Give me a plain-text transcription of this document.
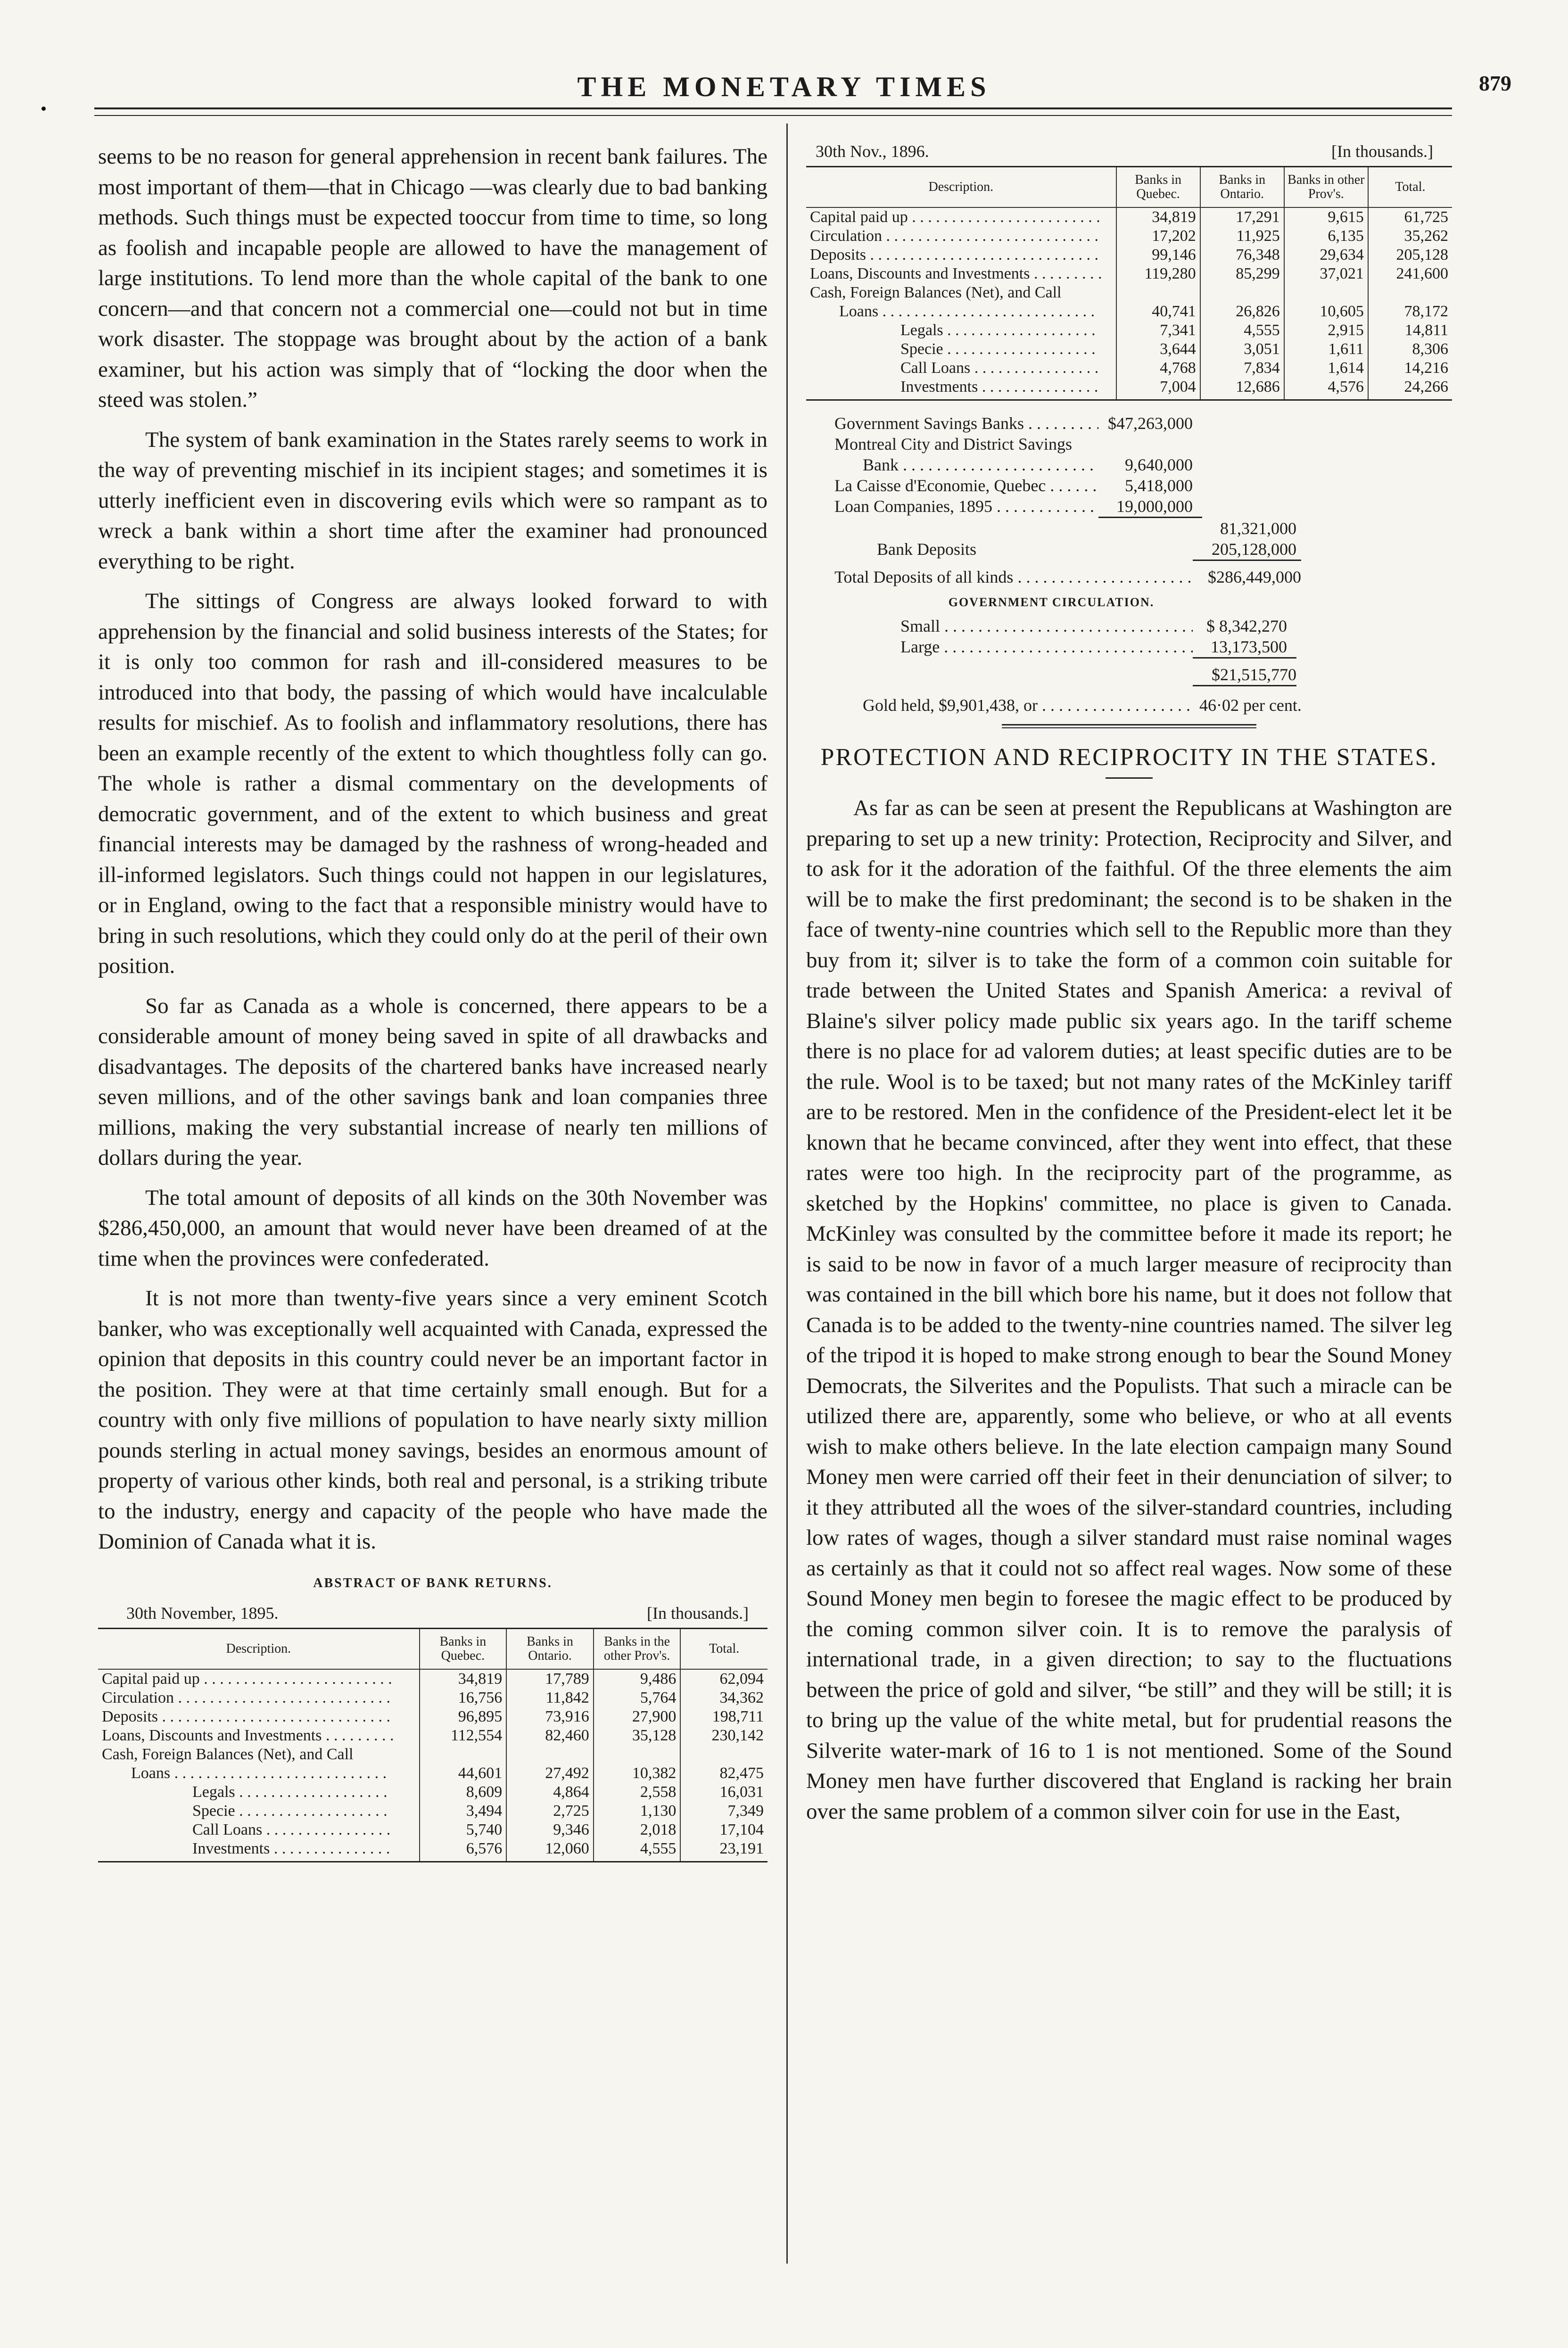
THE MONETARY TIMES	879

seems to be no reason for general apprehension in recent bank failures. The most important of them—that in Chicago —was clearly due to bad banking methods. Such things must be expected tooccur from time to time, so long as foolish and incapable people are allowed to have the management of large institutions. To lend more than the whole capital of the bank to one concern—and that concern not a commercial one—could not but in time work disaster. The stoppage was brought about by the action of a bank examiner, but his action was simply that of “locking the door when the steed was stolen.”

The system of bank examination in the States rarely seems to work in the way of preventing mischief in its incipient stages; and sometimes it is utterly inefficient even in discovering evils which were so rampant as to wreck a bank within a short time after the examiner had pronounced everything to be right.

The sittings of Congress are always looked forward to with apprehension by the financial and solid business interests of the States; for it is only too common for rash and ill-considered measures to be introduced into that body, the passing of which would have incalculable results for mischief. As to foolish and inflammatory resolutions, there has been an example recently of the extent to which thoughtless folly can go. The whole is rather a dismal commentary on the developments of democratic government, and of the extent to which business and great financial interests may be damaged by the rashness of wrong-headed and ill-informed legislators. Such things could not happen in our legislatures, or in England, owing to the fact that a responsible ministry would have to bring in such resolutions, which they could only do at the peril of their own position.

So far as Canada as a whole is concerned, there appears to be a considerable amount of money being saved in spite of all drawbacks and disadvantages. The deposits of the chartered banks have increased nearly seven millions, and of the other savings bank and loan companies three millions, making the very substantial increase of nearly ten millions of dollars during the year.

The total amount of deposits of all kinds on the 30th November was $286,450,000, an amount that would never have been dreamed of at the time when the provinces were confederated.

It is not more than twenty-five years since a very eminent Scotch banker, who was exceptionally well acquainted with Canada, expressed the opinion that deposits in this country could never be an important factor in the position. They were at that time certainly small enough. But for a country with only five millions of population to have nearly sixty million pounds sterling in actual money savings, besides an enormous amount of property of various other kinds, both real and personal, is a striking tribute to the industry, energy and capacity of the people who have made the Dominion of Canada what it is.

ABSTRACT OF BANK RETURNS.
30th November, 1895.	[In thousands.]
Description.	Banks in Quebec.	Banks in Ontario.	Banks in the other Prov's.	Total.
Capital paid up . . .	34,819	17,789	9,486	62,094
Circulation . . .	16,756	11,842	5,764	34,362
Deposits . . .	96,895	73,916	27,900	198,711
Loans, Discounts and Investments . . .	112,554	82,460	35,128	230,142
Cash, Foreign Balances (Net), and Call				
Loans . . .	44,601	27,492	10,382	82,475
Legals . . .	8,609	4,864	2,558	16,031
Specie . . .	3,494	2,725	1,130	7,349
Call Loans . . .	5,740	9,346	2,018	17,104
Investments . . .	6,576	12,060	4,555	23,191
30th Nov., 1896.	[In thousands.]
Description.	Banks in Quebec.	Banks in Ontario.	Banks in other Prov's.	Total.
Capital paid up . . .	34,819	17,291	9,615	61,725
Circulation . . .	17,202	11,925	6,135	35,262
Deposits . . .	99,146	76,348	29,634	205,128
Loans, Discounts and Investments . . .	119,280	85,299	37,021	241,600
Cash, Foreign Balances (Net), and Call				
Loans . . .	40,741	26,826	10,605	78,172
Legals . . .	7,341	4,555	2,915	14,811
Specie . . .	3,644	3,051	1,611	8,306
Call Loans . . .	4,768	7,834	1,614	14,216
Investments . . .	7,004	12,686	4,576	24,266
Government Savings Banks . . .	$47,263,000
Montreal City and District Savings
Bank . . .	9,640,000
La Caisse d'Economie, Quebec . . .	5,418,000
Loan Companies, 1895 . . .	19,000,000
81,321,000
Bank Deposits	205,128,000
Total Deposits of all kinds . . .	$286,449,000
GOVERNMENT CIRCULATION.
Small . . .	$ 8,342,270
Large . . .	13,173,500
$21,515,770
Gold held, $9,901,438, or . . .	46·02 per cent.
PROTECTION AND RECIPROCITY IN THE STATES.

As far as can be seen at present the Republicans at Washington are preparing to set up a new trinity: Protection, Reciprocity and Silver, and to ask for it the adoration of the faithful. Of the three elements the aim will be to make the first predominant; the second is to be shaken in the face of twenty-nine countries which sell to the Republic more than they buy from it; silver is to take the form of a common coin suitable for trade between the United States and Spanish America: a revival of Blaine's silver policy made public six years ago. In the tariff scheme there is no place for ad valorem duties; at least specific duties are to be the rule. Wool is to be taxed; but not many rates of the McKinley tariff are to be restored. Men in the confidence of the President-elect let it be known that he became convinced, after they went into effect, that these rates were too high. In the reciprocity part of the programme, as sketched by the Hopkins' committee, no place is given to Canada. McKinley was consulted by the committee before it made its report; he is said to be now in favor of a much larger measure of reciprocity than was contained in the bill which bore his name, but it does not follow that Canada is to be added to the twenty-nine countries named. The silver leg of the tripod it is hoped to make strong enough to bear the Sound Money Democrats, the Silverites and the Populists. That such a miracle can be utilized there are, apparently, some who believe, or who at all events wish to make others believe. In the late election campaign many Sound Money men were carried off their feet in their denunciation of silver; to it they attributed all the woes of the silver-standard countries, including low rates of wages, though a silver standard must raise nominal wages as certainly as that it could not so affect real wages. Now some of these Sound Money men begin to foresee the magic effect to be produced by the coming common silver coin. It is to remove the paralysis of international trade, in a given direction; to say to the fluctuations between the price of gold and silver, “be still” and they will be still; it is to bring up the value of the white metal, but for prudential reasons the Silverite water-mark of 16 to 1 is not mentioned. Some of the Sound Money men have further discovered that England is racking her brain over the same problem of a common silver coin for use in the East,
